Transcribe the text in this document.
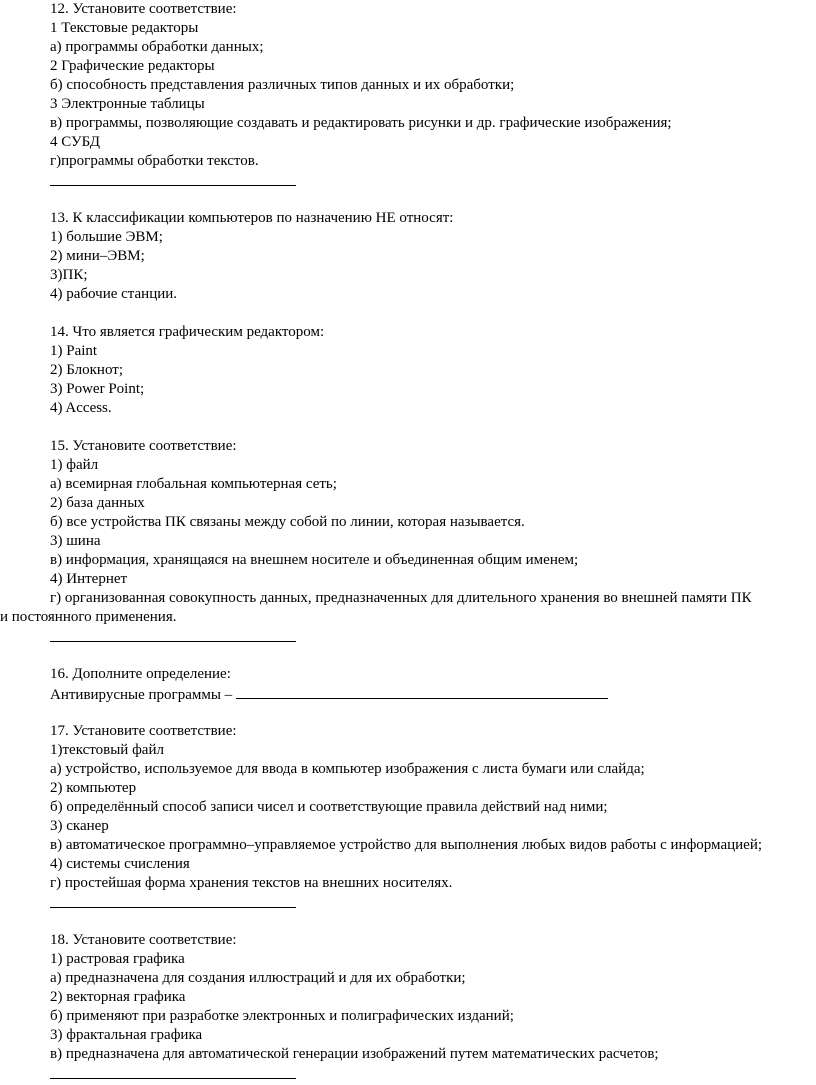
12. Установите соответствие:
1 Текстовые редакторы
а) программы обработки данных;
2 Графические редакторы
б) способность представления различных типов данных и их обработки;
3 Электронные таблицы
в) программы, позволяющие создавать и редактировать рисунки и др. графические изображения;
4 СУБД
г)программы обработки текстов.
13. К классификации компьютеров по назначению НЕ относят:
1) большие ЭВМ;
2) мини–ЭВМ;
3)ПК;
4) рабочие станции.
14. Что является графическим редактором:
1) Paint
2) Блокнот;
3) Power Point;
4) Access.
15. Установите соответствие:
1) файл
а) всемирная глобальная компьютерная сеть;
2) база данных
б) все устройства ПК связаны между собой по линии, которая называется.
3) шина
в) информация, хранящаяся на внешнем носителе и объединенная общим именем;
4) Интернет
г) организованная совокупность данных, предназначенных для длительного хранения во внешней памяти ПК
и постоянного применения.
16. Дополните определение:
Антивирусные программы –
17. Установите соответствие:
1)текстовый файл
а) устройство, используемое для ввода в компьютер изображения с листа бумаги или слайда;
2) компьютер
б) определённый способ записи чисел и соответствующие правила действий над ними;
3) сканер
в) автоматическое программно–управляемое устройство для выполнения любых видов работы с информацией;
4) системы счисления
г) простейшая форма хранения текстов на внешних носителях.
18. Установите соответствие:
1) растровая графика
а) предназначена для создания иллюстраций и для их обработки;
2) векторная графика
б) применяют при разработке электронных и полиграфических изданий;
3) фрактальная графика
в) предназначена для автоматической генерации изображений путем математических расчетов;
